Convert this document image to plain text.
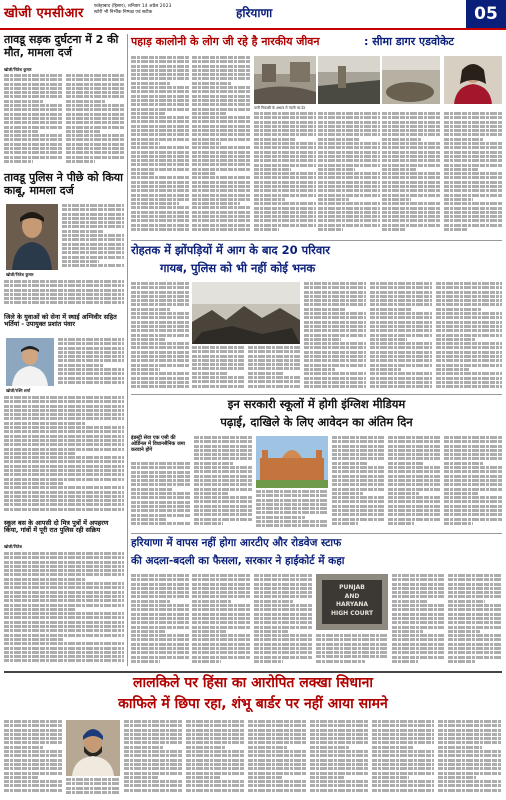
खोजी एमसीआर फतेहाबाद (हिसार), शनिवार 14 अप्रैल 2023
स्टोरी भी निर्भीक निष्पक्ष एवं सटीक	हरियाणा	05
तावडू सड़क दुर्घटना में 2 की मौत, मामला दर्ज
खोजी/नितेश कुमार
तावडू पुलिस ने पीछे को किया काबू, मामला दर्ज
खोजी/नितेश कुमार
जिले के युवाओं को सेना में स्थाई अग्निवीर सहित भर्तियां - उपायुक्त प्रशांत पंवार
खोजी/रश्मि शर्मा
स्कूल बस के आपसी दो मित्र पुत्रों में अपहरण किया, गांवों में पूरी रात पुलिस रही सक्रिय
खोजी/नितेश
पहाड़ कालोनी के लोग जी रहे है नारकीय जीवन	: सीमा डागर एडवोकेट
पानी निकासी के अभाव में गंदगी का ढेर
रोहतक में झोंपड़ियों में आग के बाद 20 परिवार
गायब, पुलिस को भी नहीं कोई भनक
इन सरकारी स्कूलों में होगी इंग्लिश मीडियम
पढ़ाई, दाखिले के लिए आवेदन का अंतिम दिन
इंडस्ट्री सेवा एक एसी की ओर्डिनल में विधानसैनिक जमा करवाने होंगे
हरियाणा में वापस नहीं होगा आरटीए और रोडवेज स्टाफ
की अदला-बदली का फैसला, सरकार ने हाईकोर्ट में कहा
PUNJAB
AND
HARYANA
HIGH COURT
लालकिले पर हिंसा का आरोपित लक्खा सिधाना
काफिले में छिपा रहा, शंभू बार्डर पर नहीं आया सामने
